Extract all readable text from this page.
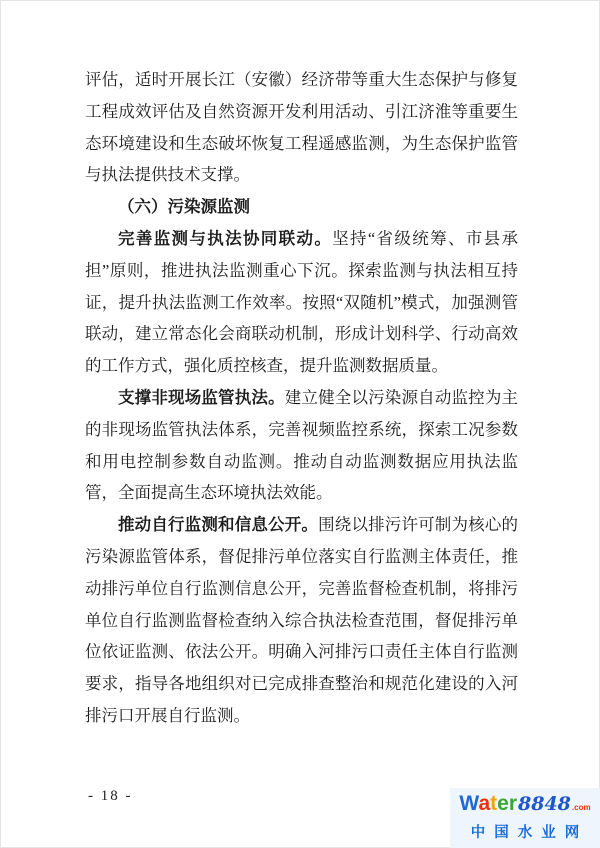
评估，适时开展长江（安徽）经济带等重大生态保护与修复工程成效评估及自然资源开发利用活动、引江济淮等重要生态环境建设和生态破坏恢复工程遥感监测，为生态保护监管与执法提供技术支撑。

（六）污染源监测

完善监测与执法协同联动。坚持“省级统筹、市县承担”原则，推进执法监测重心下沉。探索监测与执法相互持证，提升执法监测工作效率。按照“双随机”模式，加强测管联动，建立常态化会商联动机制，形成计划科学、行动高效的工作方式，强化质控核查，提升监测数据质量。

支撑非现场监管执法。建立健全以污染源自动监控为主的非现场监管执法体系，完善视频监控系统，探索工况参数和用电控制参数自动监测。推动自动监测数据应用执法监管，全面提高生态环境执法效能。

推动自行监测和信息公开。围绕以排污许可制为核心的污染源监管体系，督促排污单位落实自行监测主体责任，推动排污单位自行监测信息公开，完善监督检查机制，将排污单位自行监测监督检查纳入综合执法检查范围，督促排污单位依证监测、依法公开。明确入河排污口责任主体自行监测要求，指导各地组织对已完成排查整治和规范化建设的入河排污口开展自行监测。

- 18 -	Water 8848 .com
中国水业网
